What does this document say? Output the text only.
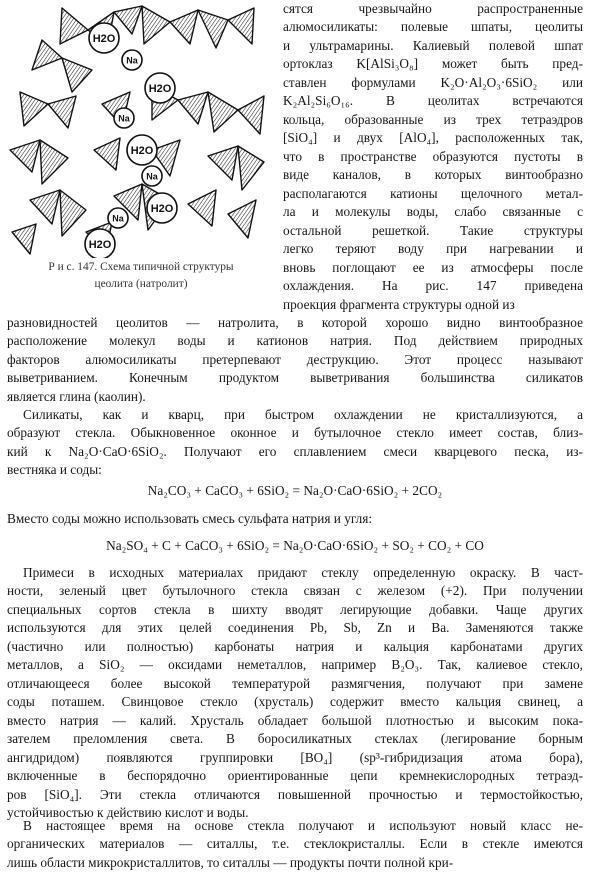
H2O
Na
H2O
Na
H2O
Na
H2O
Na
H2O
Р и с. 147. Схема типичной структуры
цеолита (натролит)
сятся чрезвычайно распространенные
алюмосиликаты: полевые шпаты, цеолиты
и ультрамарины. Калиевый полевой шпат
ортоклаз K[AlSi₃O₈] может быть пред-
ставлен формулами K₂O·Al₂O₃·6SiO₂ или
K₂Al₂Si₆O₁₆. В цеолитах встречаются
кольца, образованные из трех тетраэдров
[SiO₄] и двух [AlO₄], расположенных так,
что в пространстве образуются пустоты в
виде каналов, в которых винтообразно
располагаются катионы щелочного метал-
ла и молекулы воды, слабо связанные с
остальной решеткой. Такие структуры
легко теряют воду при нагревании и
вновь поглощают ее из атмосферы после
охлаждения. На рис. 147 приведена
проекция фрагмента структуры одной из
разновидностей цеолитов — натролита, в которой хорошо видно винтообразное
расположение молекул воды и катионов натрия. Под действием природных
факторов алюмосиликаты претерпевают деструкцию. Этот процесс называют
выветриванием. Конечным продуктом выветривания большинства силикатов
является глина (каолин).
Силикаты, как и кварц, при быстром охлаждении не кристаллизуются, а
образуют стекла. Обыкновенное оконное и бутылочное стекло имеет состав, близ-
кий к Na₂O·CaO·6SiO₂. Получают его сплавлением смеси кварцевого песка, из-
вестняка и соды:
Na₂CO₃ + CaCO₃ + 6SiO₂ = Na₂O·CaO·6SiO₂ + 2CO₂
Вместо соды можно использовать смесь сульфата натрия и угля:
Na₂SO₄ + C + CaCO₃ + 6SiO₂ = Na₂O·CaO·6SiO₂ + SO₂ + CO₂ + CO
Примеси в исходных материалах придают стеклу определенную окраску. В част-
ности, зеленый цвет бутылочного стекла связан с железом (+2). При получении
специальных сортов стекла в шихту вводят легирующие добавки. Чаще других
используются для этих целей соединения Pb, Sb, Zn и Ba. Заменяются также
(частично или полностью) карбонаты натрия и кальция карбонатами других
металлов, а SiO₂ — оксидами неметаллов, например B₂O₃. Так, калиевое стекло,
отличающееся более высокой температурой размягчения, получают при замене
соды поташем. Свинцовое стекло (хрусталь) содержит вместо кальция свинец, а
вместо натрия — калий. Хрусталь обладает большой плотностью и высоким пока-
зателем преломления света. В боросиликатных стеклах (легирование борным
ангидридом) появляются группировки [BO₄] (sp³-гибридизация атома бора),
включенные в беспорядочно ориентированные цепи кремнекислородных тетраэд-
ров [SiO₄]. Эти стекла отличаются повышенной прочностью и термостойкостью,
устойчивостью к действию кислот и воды.
В настоящее время на основе стекла получают и используют новый класс не-
органических материалов — ситаллы, т.е. стеклокристаллы. Если в стекле имеются
лишь области микрокристаллитов, то ситаллы — продукты почти полной кри-
